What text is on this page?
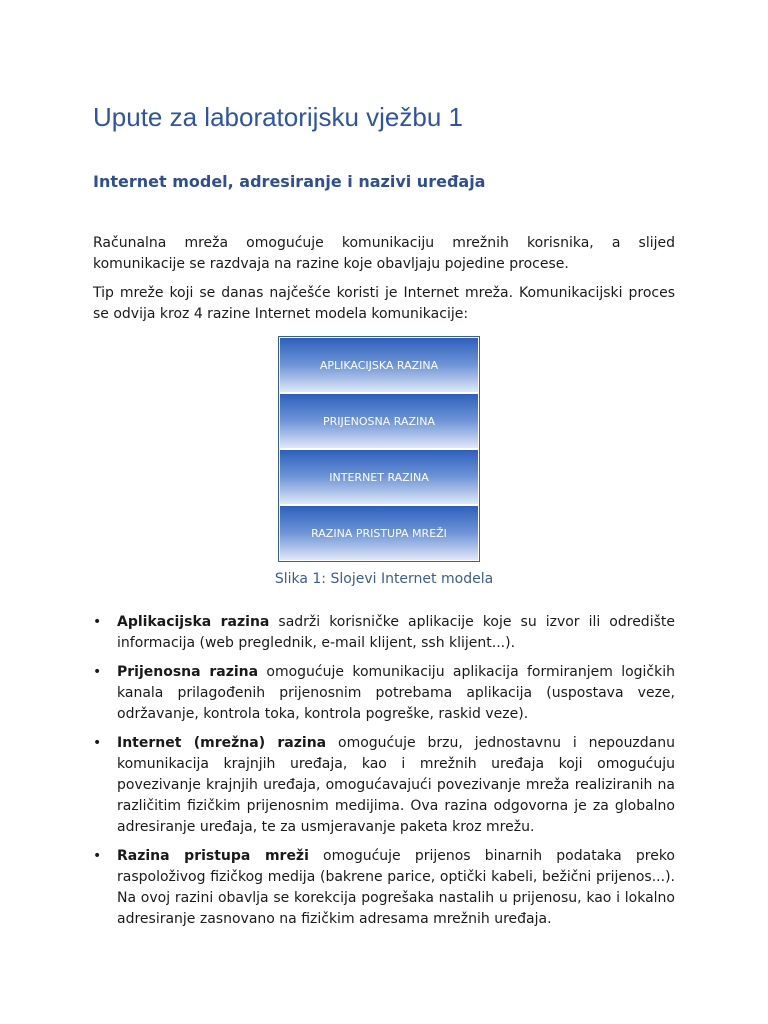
Upute za laboratorijsku vježbu 1
Internet model, adresiranje i nazivi uređaja

Računalna mreža omogućuje komunikaciju mrežnih korisnika, a slijed komunikacije se razdvaja na razine koje obavljaju pojedine procese.

Tip mreže koji se danas najčešće koristi je Internet mreža. Komunikacijski proces se odvija kroz 4 razine Internet modela komunikacije:

APLIKACIJSKA RAZINA
PRIJENOSNA RAZINA
INTERNET RAZINA
RAZINA PRISTUPA MREŽI

Slika 1: Slojevi Internet modela

• Aplikacijska razina sadrži korisničke aplikacije koje su izvor ili odredište informacija (web preglednik, e-mail klijent, ssh klijent...).
• Prijenosna razina omogućuje komunikaciju aplikacija formiranjem logičkih kanala prilagođenih prijenosnim potrebama aplikacija (uspostava veze, održavanje, kontrola toka, kontrola pogreške, raskid veze).
• Internet (mrežna) razina omogućuje brzu, jednostavnu i nepouzdanu komunikacija krajnjih uređaja, kao i mrežnih uređaja koji omogućuju povezivanje krajnjih uređaja, omogućavajući povezivanje mreža realiziranih na različitim fizičkim prijenosnim medijima. Ova razina odgovorna je za globalno adresiranje uređaja, te za usmjeravanje paketa kroz mrežu.
• Razina pristupa mreži omogućuje prijenos binarnih podataka preko raspoloživog fizičkog medija (bakrene parice, optički kabeli, bežični prijenos...). Na ovoj razini obavlja se korekcija pogrešaka nastalih u prijenosu, kao i lokalno adresiranje zasnovano na fizičkim adresama mrežnih uređaja.
